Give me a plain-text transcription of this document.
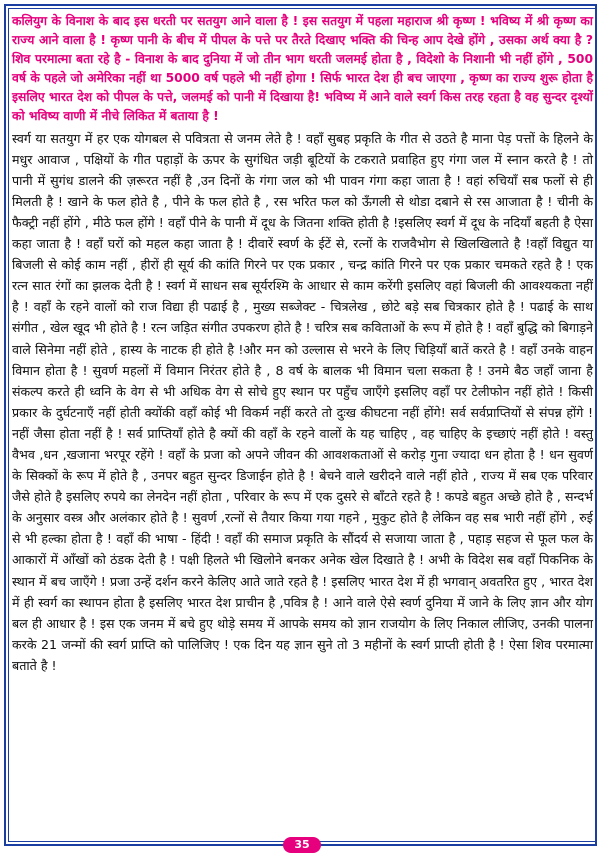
कलियुग के विनाश के बाद इस धरती पर सतयुग आने वाला है ! इस सतयुग में पहला महाराज श्री कृष्ण ! भविष्य में श्री कृष्ण का राज्य आने वाला है ! कृष्ण पानी के बीच में पीपल के पत्ते पर तैरते दिखाए भक्ति की चिन्ह आप देखे होंगे , उसका अर्थ क्या है ? शिव परमात्मा बता रहे है - विनाश के बाद दुनिया में जो तीन भाग धरती जलमई होता है , विदेशो के निशानी भी नहीं होंगे , 500 वर्ष के पहले जो अमेरिका नहीं था 5000 वर्ष पहले भी नहीं होगा ! सिर्फ भारत देश ही बच जाएगा , कृष्ण का राज्य शुरू होता है इसलिए भारत देश को पीपल के पत्ते, जलमई को पानी में दिखाया है! भविष्य में आने वाले स्वर्ग किस तरह रहता है वह सुन्दर दृश्यों को भविष्य वाणी में नीचे लिकित में बताया है !

स्वर्ग या सतयुग में हर एक योगबल से पवित्रता से जनम लेते है ! वहाँ सुबह प्रकृति के गीत से उठते है माना पेड़ पत्तों के हिलने के मधुर आवाज , पक्षियों के गीत पहाड़ों के ऊपर के सुगंधित जड़ी बूटियों के टकराते प्रवाहित हुए गंगा जल में स्नान करते है ! तो पानी में सुगंध डालने की ज़रूरत नहीं है ,उन दिनों के गंगा जल को भी पावन गंगा कहा जाता है ! वहां रुचियाँ सब फलों से ही मिलती है ! खाने के फल होते है , पीने के फल होते है , रस भरित फल को ऊँगली से थोडा दबाने से रस आजाता है ! चीनी के फैक्ट्री नहीं होंगे , मीठे फल होंगे ! वहाँ पीने के पानी में दूध के जितना शक्ति होती है !इसलिए स्वर्ग में दूध के नदियाँ बहती है ऐसा कहा जाता है ! वहाँ घरों को महल कहा जाता है ! दीवारें स्वर्ण के ईटें से, रत्नों के राजवैभोग से खिलखिलाते है !वहाँ विद्युत या बिजली से कोई काम नहीं , हीरों ही सूर्य की कांति गिरने पर एक प्रकार , चन्द्र कांति गिरने पर एक प्रकार चमकते रहते है ! एक रत्न सात रंगों का झलक देती है ! स्वर्ग में साधन सब सूर्यरश्मि के आधार से काम करेंगी इसलिए वहां बिजली की आवश्यकता नहीं है ! वहाँ के रहने वालों को राज विद्या ही पढाई है , मुख्य सब्जेक्ट - चित्रलेख , छोटे बड़े सब चित्रकार होते है ! पढाई के साथ संगीत , खेल खूद भी होते है ! रत्न जड़ित संगीत उपकरण होते है ! चरित्र सब कविताओं के रूप में होते है ! वहाँ बुद्धि को बिगाड़ने वाले सिनेमा नहीं होते , हास्य के नाटक ही होते है !और मन को उल्लास से भरने के लिए चिड़ियाँ बातें करते है ! वहाँ उनके वाहन विमान होता है ! सुवर्ण महलों में विमान निरंतर होते है , 8 वर्ष के बालक भी विमान चला सकता है ! उनमे बैठ जहाँ जाना है संकल्प करते ही ध्वनि के वेग से भी अधिक वेग से सोचे हुए स्थान पर पहुँच जाएँगे इसलिए वहाँ पर टेलीफोन नहीं होते ! किसी प्रकार के दुर्घटनाएँ नहीं होती क्योंकी वहाँ कोई भी विकर्म नहीं करते तो दुःख कीघटना नहीं होंगे! सर्व सर्वप्राप्तियों से संपन्न होंगे ! नहीं जैसा होता नहीं है ! सर्व प्राप्तियाँ होते है क्यों की वहाँ के रहने वालों के यह चाहिए , वह चाहिए के इच्छाएं नहीं होते ! वस्तु वैभव ,धन ,खजाना भरपूर रहेंगे ! वहाँ के प्रजा को अपने जीवन की आवशकताओं से करोड़ गुना ज्यादा धन होता है ! धन सुवर्ण के सिक्कों के रूप में होते है , उनपर बहुत सुन्दर डिजाईन होते है ! बेचने वाले खरीदने वाले नहीं होते , राज्य में सब एक परिवार जैसे होते है इसलिए रुपये का लेनदेन नहीं होता , परिवार के रूप में एक दुसरे से बाँटते रहते है ! कपडे बहुत अच्छे होते है , सन्दर्भ के अनुसार वस्त्र और अलंकार होते है ! सुवर्ण ,रत्नों से तैयार किया गया गहने , मुकुट होते है लेकिन वह सब भारी नहीं होंगे , रुई से भी हल्का होता है ! वहाँ की भाषा - हिंदी ! वहाँ की समाज प्रकृति के सौंदर्य से सजाया जाता है , पहाड़ सहज से फूल फल के आकारों में आँखों को ठंडक देती है ! पक्षी हिलते भी खिलोने बनकर अनेक खेल दिखाते है ! अभी के विदेश सब वहाँ पिकनिक के स्थान में बच जाएँगे ! प्रजा उन्हें दर्शन करने केलिए आते जाते रहते है ! इसलिए भारत देश में ही भगवान् अवतरित हुए , भारत देश में ही स्वर्ग का स्थापन होता है इसलिए भारत देश प्राचीन है ,पवित्र है ! आने वाले ऐसे स्वर्ण दुनिया में जाने के लिए ज्ञान और योग बल ही आधार है ! इस एक जनम में बचे हुए थोड़े समय में आपके समय को ज्ञान राजयोग के लिए निकाल लीजिए, उनकी पालना करके 21 जन्मों की स्वर्ग प्राप्ति को पालिजिए ! एक दिन यह ज्ञान सुने तो 3 महीनों के स्वर्ग प्राप्ती होती है ! ऐसा शिव परमात्मा बताते है !

35
